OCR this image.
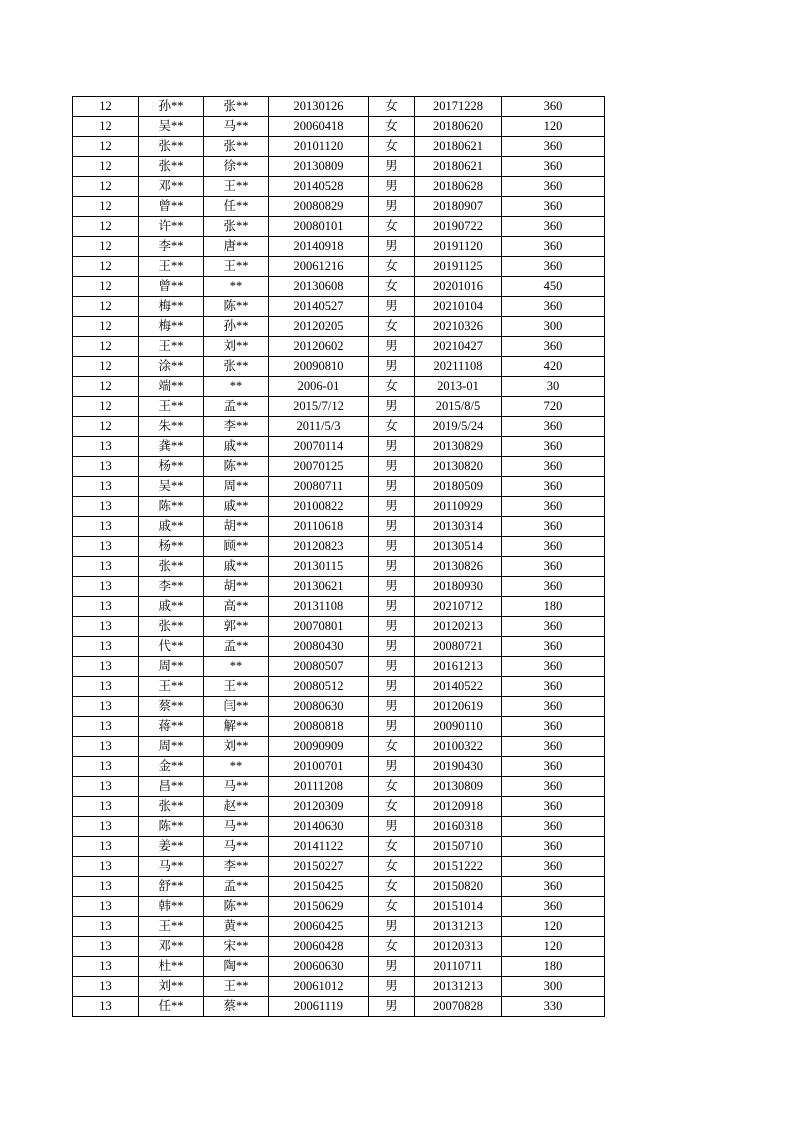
12	孙**	张**	20130126	女	20171228	360
12	吴**	马**	20060418	女	20180620	120
12	张**	张**	20101120	女	20180621	360
12	张**	徐**	20130809	男	20180621	360
12	邓**	王**	20140528	男	20180628	360
12	曾**	任**	20080829	男	20180907	360
12	许**	张**	20080101	女	20190722	360
12	李**	唐**	20140918	男	20191120	360
12	王**	王**	20061216	女	20191125	360
12	曾**	**	20130608	女	20201016	450
12	梅**	陈**	20140527	男	20210104	360
12	梅**	孙**	20120205	女	20210326	300
12	王**	刘**	20120602	男	20210427	360
12	涂**	张**	20090810	男	20211108	420
12	端**	**	2006-01	女	2013-01	30
12	王**	孟**	2015/7/12	男	2015/8/5	720
12	朱**	李**	2011/5/3	女	2019/5/24	360
13	龚**	戚**	20070114	男	20130829	360
13	杨**	陈**	20070125	男	20130820	360
13	吴**	周**	20080711	男	20180509	360
13	陈**	戚**	20100822	男	20110929	360
13	戚**	胡**	20110618	男	20130314	360
13	杨**	顾**	20120823	男	20130514	360
13	张**	戚**	20130115	男	20130826	360
13	李**	胡**	20130621	男	20180930	360
13	戚**	高**	20131108	男	20210712	180
13	张**	郭**	20070801	男	20120213	360
13	代**	孟**	20080430	男	20080721	360
13	周**	**	20080507	男	20161213	360
13	王**	王**	20080512	男	20140522	360
13	蔡**	闫**	20080630	男	20120619	360
13	蒋**	解**	20080818	男	20090110	360
13	周**	刘**	20090909	女	20100322	360
13	金**	**	20100701	男	20190430	360
13	昌**	马**	20111208	女	20130809	360
13	张**	赵**	20120309	女	20120918	360
13	陈**	马**	20140630	男	20160318	360
13	姜**	马**	20141122	女	20150710	360
13	马**	李**	20150227	女	20151222	360
13	舒**	孟**	20150425	女	20150820	360
13	韩**	陈**	20150629	女	20151014	360
13	王**	黄**	20060425	男	20131213	120
13	邓**	宋**	20060428	女	20120313	120
13	杜**	陶**	20060630	男	20110711	180
13	刘**	王**	20061012	男	20131213	300
13	任**	蔡**	20061119	男	20070828	330
